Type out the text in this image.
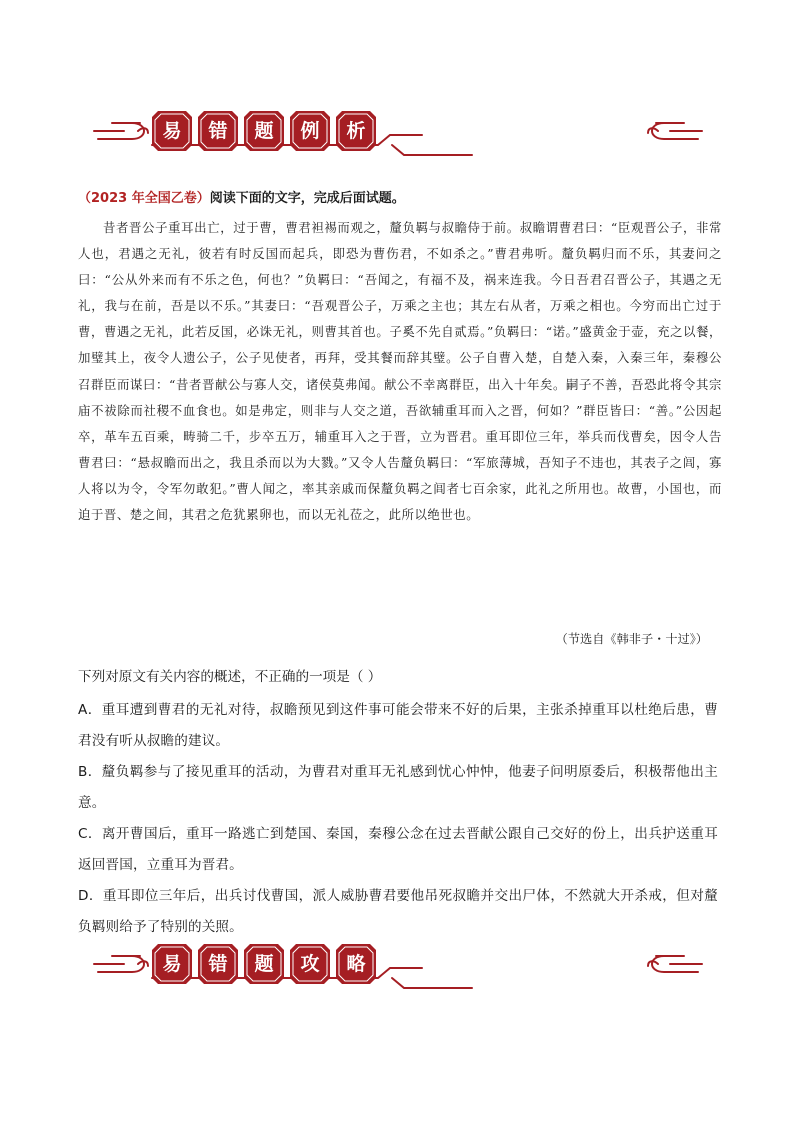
易 错 题 例 析
（2023 年全国乙卷）阅读下面的文字，完成后面试题。
昔者晋公子重耳出亡，过于曹，曹君袒裼而观之，釐负羁与叔瞻侍于前。叔瞻谓曹君曰：“臣观晋公子，非常人也，君遇之无礼，彼若有时反国而起兵，即恐为曹伤君，不如杀之。”曹君弗听。釐负羁归而不乐，其妻问之曰：“公从外来而有不乐之色，何也？”负羁曰：“吾闻之，有福不及，祸来连我。今日吾君召晋公子，其遇之无礼，我与在前，吾是以不乐。”其妻曰：“吾观晋公子，万乘之主也；其左右从者，万乘之相也。今穷而出亡过于曹，曹遇之无礼，此若反国，必诛无礼，则曹其首也。子奚不先自贰焉。”负羁曰：“诺。”盛黄金于壶，充之以餐，加璧其上，夜令人遗公子，公子见使者，再拜，受其餐而辞其璧。公子自曹入楚，自楚入秦，入秦三年，秦穆公召群臣而谋曰：“昔者晋献公与寡人交，诸侯莫弗闻。献公不幸离群臣，出入十年矣。嗣子不善，吾恐此将令其宗庙不祓除而社稷不血食也。如是弗定，则非与人交之道，吾欲辅重耳而入之晋，何如？”群臣皆曰：“善。”公因起卒，革车五百乘，畴骑二千，步卒五万，辅重耳入之于晋，立为晋君。重耳即位三年，举兵而伐曹矣，因令人告曹君曰：“悬叔瞻而出之，我且杀而以为大戮。”又令人告釐负羁曰：“军旅薄城，吾知子不违也，其表子之闾，寡人将以为令，令军勿敢犯。”曹人闻之，率其亲戚而保釐负羁之闾者七百余家，此礼之所用也。故曹，小国也，而迫于晋、楚之间，其君之危犹累卵也，而以无礼莅之，此所以绝世也。
（节选自《韩非子・十过》）
下列对原文有关内容的概述，不正确的一项是（ ）
A．重耳遭到曹君的无礼对待，叔瞻预见到这件事可能会带来不好的后果，主张杀掉重耳以杜绝后患，曹君没有听从叔瞻的建议。
B．釐负羁参与了接见重耳的活动，为曹君对重耳无礼感到忧心忡忡，他妻子问明原委后，积极帮他出主意。
C．离开曹国后，重耳一路逃亡到楚国、秦国，秦穆公念在过去晋献公跟自己交好的份上，出兵护送重耳返回晋国，立重耳为晋君。
D．重耳即位三年后，出兵讨伐曹国，派人威胁曹君要他吊死叔瞻并交出尸体，不然就大开杀戒，但对釐负羁则给予了特别的关照。
易 错 题 攻 略
